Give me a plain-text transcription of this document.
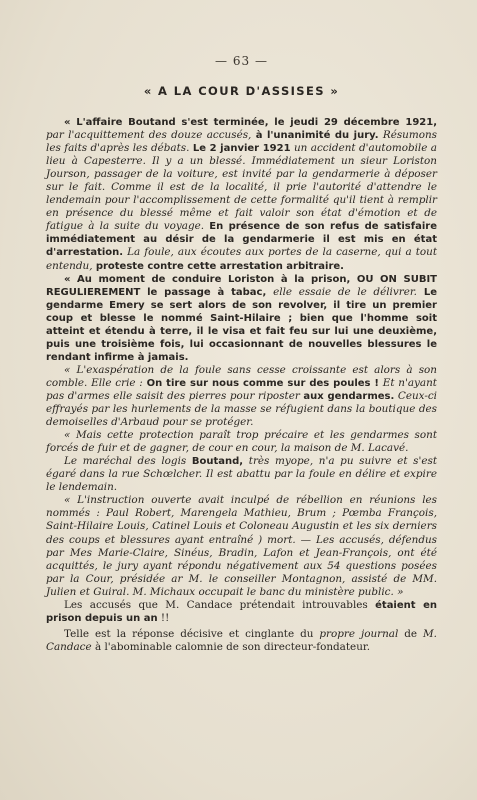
— 63 —
« A LA COUR D'ASSISES »

« L'affaire Boutand s'est terminée, le jeudi 29 décembre 1921, par l'acquittement des douze accusés, à l'unanimité du jury. Résumons les faits d'après les débats. Le 2 janvier 1921 un accident d'automobile a lieu à Capesterre. Il y a un blessé. Immédiatement un sieur Loriston Jourson, passager de la voiture, est invité par la gendarmerie à déposer sur le fait. Comme il est de la localité, il prie l'autorité d'attendre le lendemain pour l'accomplissement de cette formalité qu'il tient à remplir en présence du blessé même et fait valoir son état d'émotion et de fatigue à la suite du voyage. En présence de son refus de satisfaire immédiatement au désir de la gendarmerie il est mis en état d'arrestation. La foule, aux écoutes aux portes de la caserne, qui a tout entendu, proteste contre cette arrestation arbitraire.

« Au moment de conduire Loriston à la prison, OU ON SUBIT REGULIEREMENT le passage à tabac, elle essaie de le délivrer. Le gendarme Emery se sert alors de son revolver, il tire un premier coup et blesse le nommé Saint-Hilaire ; bien que l'homme soit atteint et étendu à terre, il le visa et fait feu sur lui une deuxième, puis une troisième fois, lui occasionnant de nouvelles blessures le rendant infirme à jamais.

« L'exaspération de la foule sans cesse croissante est alors à son comble. Elle crie : On tire sur nous comme sur des poules ! Et n'ayant pas d'armes elle saisit des pierres pour riposter aux gendarmes. Ceux-ci effrayés par les hurlements de la masse se réfugient dans la boutique des demoiselles d'Arbaud pour se protéger.

« Mais cette protection paraît trop précaire et les gendarmes sont forcés de fuir et de gagner, de cour en cour, la maison de M. Lacavé.

Le maréchal des logis Boutand, très myope, n'a pu suivre et s'est égaré dans la rue Schœlcher. Il est abattu par la foule en délire et expire le lendemain.

« L'instruction ouverte avait inculpé de rébellion en réunions les nommés : Paul Robert, Marengela Mathieu, Brum ; Pœmba François, Saint-Hilaire Louis, Catinel Louis et Coloneau Augustin et les six derniers des coups et blessures ayant entraîné ) mort. — Les accusés, défendus par Mes Marie-Claire, Sinéus, Bradin, Lafon et Jean-François, ont été acquittés, le jury ayant répondu négativement aux 54 questions posées par la Cour, présidée ar M. le conseiller Montagnon, assisté de MM. Julien et Guiral. M. Michaux occupait le banc du ministère public. »

Les accusés que M. Candace prétendait introuvables étaient en prison depuis un an !!

Telle est la réponse décisive et cinglante du propre journal de M. Candace à l'abominable calomnie de son directeur-fondateur.
